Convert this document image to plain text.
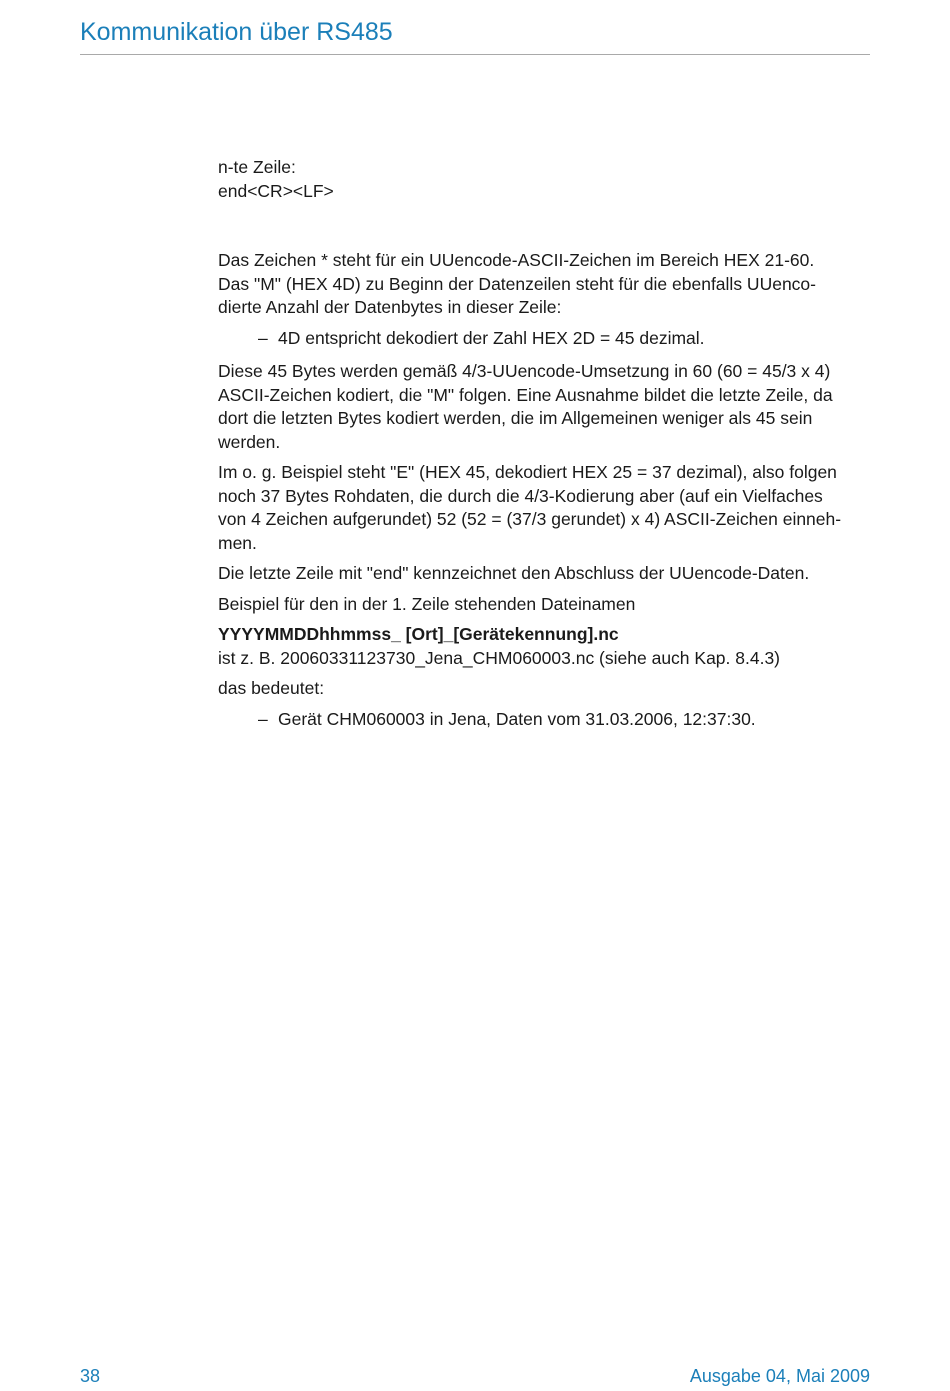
Kommunikation über RS485

n-te Zeile:

end<CR><LF>

Das Zeichen * steht für ein UUencode-ASCII-Zeichen im Bereich HEX 21-60.
Das "M" (HEX 4D) zu Beginn der Datenzeilen steht für die ebenfalls UUenco-
dierte Anzahl der Datenbytes in dieser Zeile:

– 4D entspricht dekodiert der Zahl HEX 2D = 45 dezimal.

Diese 45 Bytes werden gemäß 4/3-UUencode-Umsetzung in 60 (60 = 45/3 x 4)
ASCII-Zeichen kodiert, die "M" folgen. Eine Ausnahme bildet die letzte Zeile, da
dort die letzten Bytes kodiert werden, die im Allgemeinen weniger als 45 sein
werden.

Im o. g. Beispiel steht "E" (HEX 45, dekodiert HEX 25 = 37 dezimal), also folgen
noch 37 Bytes Rohdaten, die durch die 4/3-Kodierung aber (auf ein Vielfaches
von 4 Zeichen aufgerundet) 52 (52 = (37/3 gerundet) x 4) ASCII-Zeichen einneh-
men.

Die letzte Zeile mit "end" kennzeichnet den Abschluss der UUencode-Daten.

Beispiel für den in der 1. Zeile stehenden Dateinamen

YYYYMMDDhhmmss_ [Ort]_[Gerätekennung].nc

ist z. B. 20060331123730_Jena_CHM060003.nc (siehe auch Kap. 8.4.3)

das bedeutet:

– Gerät CHM060003 in Jena, Daten vom 31.03.2006, 12:37:30.
38	Ausgabe 04, Mai 2009
